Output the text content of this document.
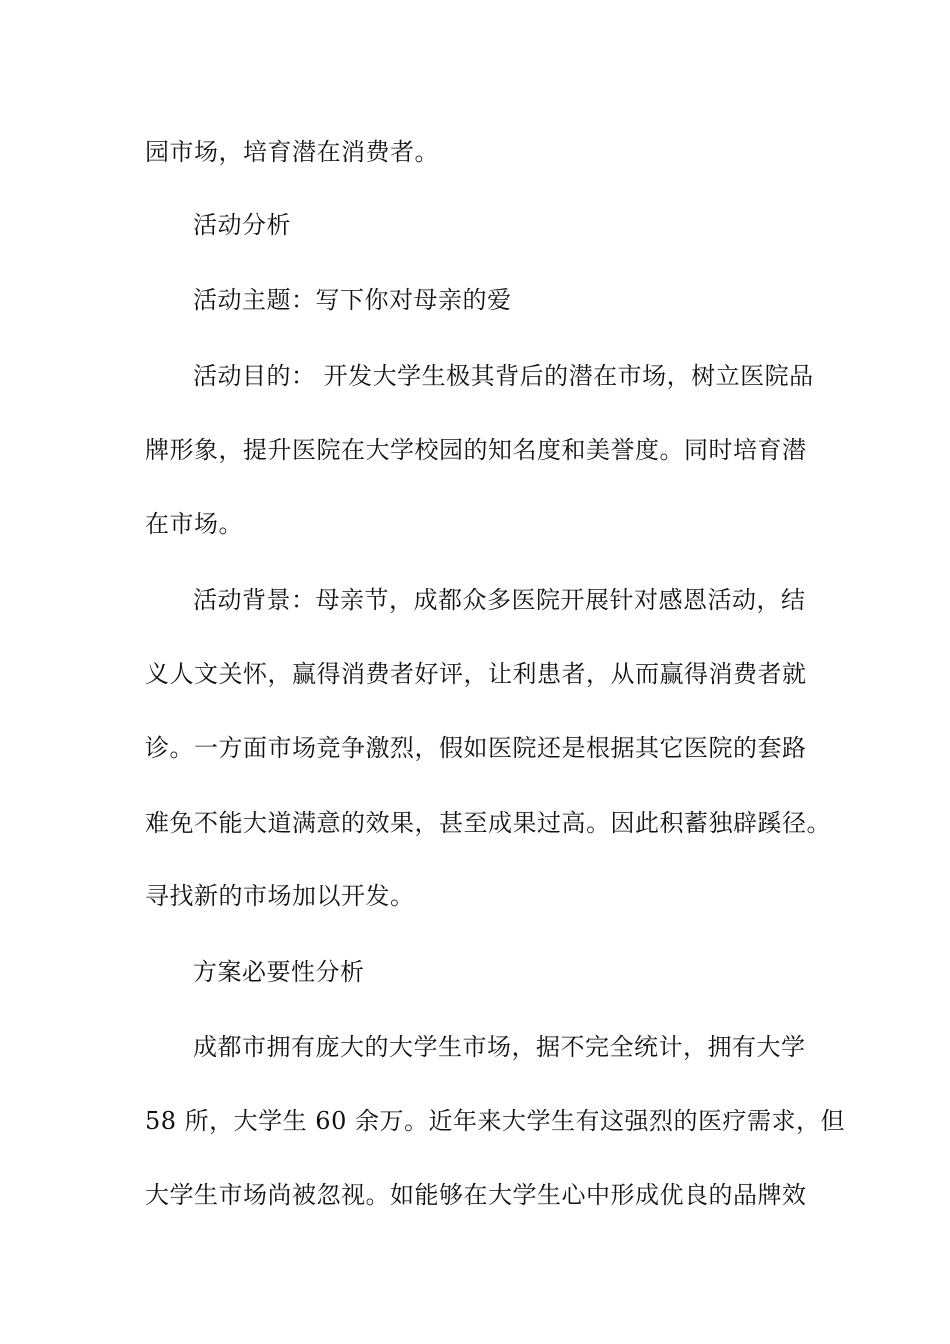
园市场，培育潜在消费者。
活动分析
活动主题：写下你对母亲的爱
活动目的： 开发大学生极其背后的潜在市场，树立医院品
牌形象，提升医院在大学校园的知名度和美誉度。同时培育潜
在市场。
活动背景：母亲节，成都众多医院开展针对感恩活动，结
义人文关怀，赢得消费者好评，让利患者，从而赢得消费者就
诊。一方面市场竞争激烈，假如医院还是根据其它医院的套路
难免不能大道满意的效果，甚至成果过高。因此积蓄独辟蹊径。
寻找新的市场加以开发。
方案必要性分析
成都市拥有庞大的大学生市场，据不完全统计，拥有大学
58 所，大学生 60 余万。近年来大学生有这强烈的医疗需求，但
大学生市场尚被忽视。如能够在大学生心中形成优良的品牌效
